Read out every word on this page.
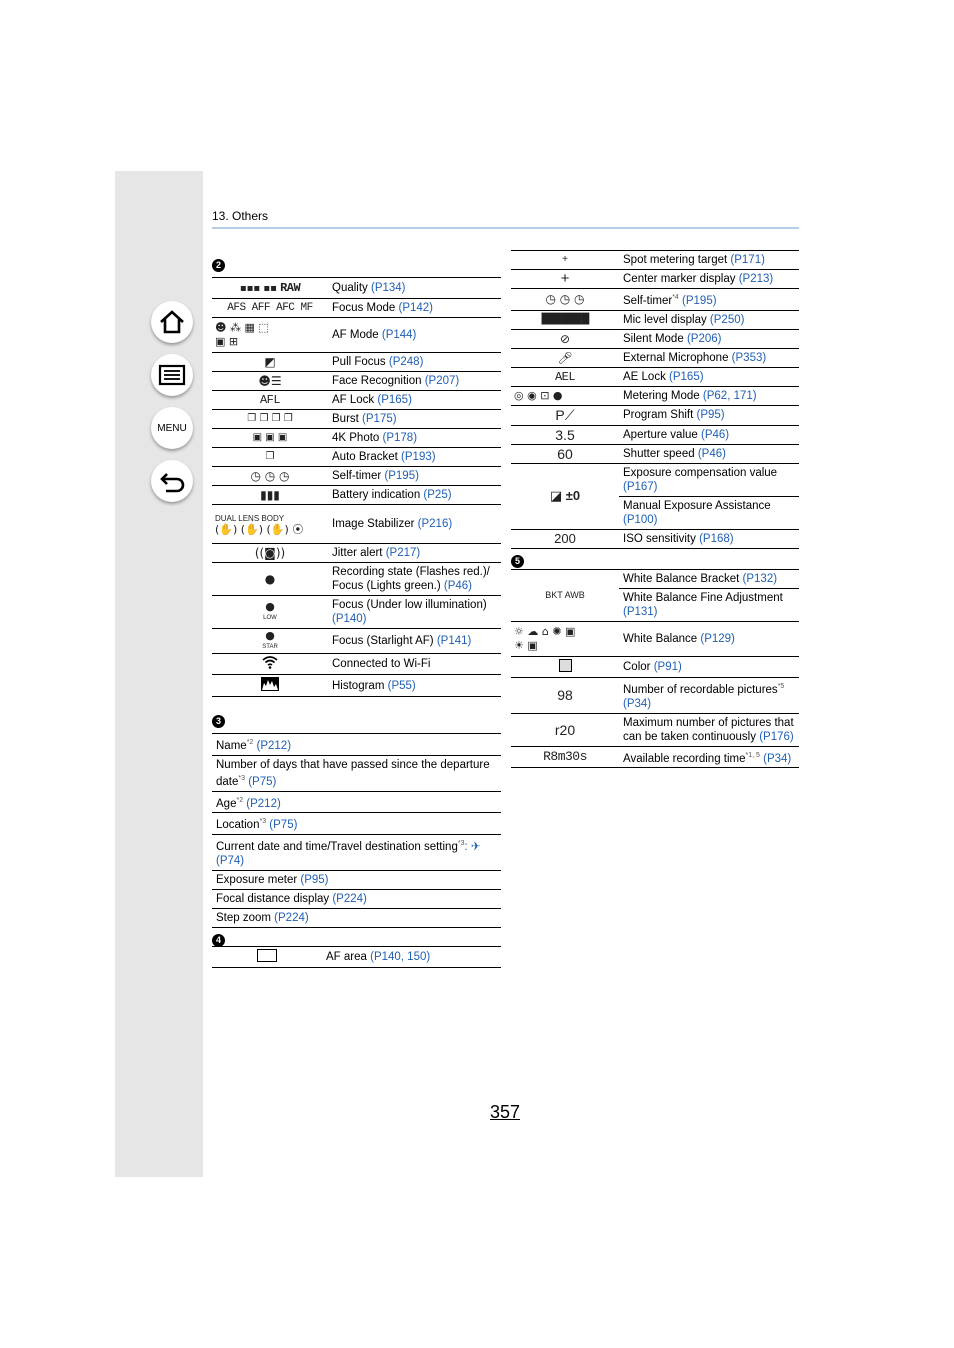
MENU
13. Others
2
▪▪▪ ▪▪ RAW	Quality (P134)
AFS AFF AFC MF	Focus Mode (P142)
☻ ⁂ ▦ ⬚
▣ ⊞	AF Mode (P144)
◩	Pull Focus (P248)
☻☰	Face Recognition (P207)
AFL	AF Lock (P165)
❐ ❐ ❐ ❐	Burst (P175)
▣ ▣ ▣	4K Photo (P178)
❐	Auto Bracket (P193)
◷ ◷ ◷	Self-timer (P195)
▮▮▮	Battery indication (P25)
DUAL LENS BODY
(✋) (✋) (✋) ⦿	Image Stabilizer (P216)
((◙))	Jitter alert (P217)
●	Recording state (Flashes red.)/ Focus (Lights green.) (P46)
●
LOW	Focus (Under low illumination) (P140)
●
STAR	Focus (Starlight AF) (P141)
	Connected to Wi-Fi
	Histogram (P55)
3
Name$^{*2}$ (P212)
Number of days that have passed since the departure date$^{*3}$ (P75)
Age$^{*2}$ (P212)
Location$^{*3}$ (P75)
Current date and time/Travel destination setting$^{*3}$: ✈ (P74)
Exposure meter (P95)
Focal distance display (P224)
Step zoom (P224)
4
	AF area (P140, 150)
+	Spot metering target (P171)
+	Center marker display (P213)
◷ ◷ ◷	Self-timer$^{*4}$ (P195)
▕▉▉▉▉▉▉▉▏	Mic level display (P250)
⊘	Silent Mode (P206)
🎤︎	External Microphone (P353)
AEL	AE Lock (P165)
◎ ◉ ⊡ ●	Metering Mode (P62, 171)
P⟋	Program Shift (P95)
3.5	Aperture value (P46)
60	Shutter speed (P46)
◪ ±0	Exposure compensation value (P167)
	Manual Exposure Assistance (P100)
200	ISO sensitivity (P168)
5
BKT AWB	White Balance Bracket (P132)
	White Balance Fine Adjustment (P131)
☼ ☁ ⌂ ✺ ▣
☀ ▣	White Balance (P129)
	Color (P91)
98	Number of recordable pictures$^{*5}$ (P34)
r20	Maximum number of pictures that can be taken continuously (P176)
R8m30s	Available recording time$^{*1, 5}$ (P34)
357
